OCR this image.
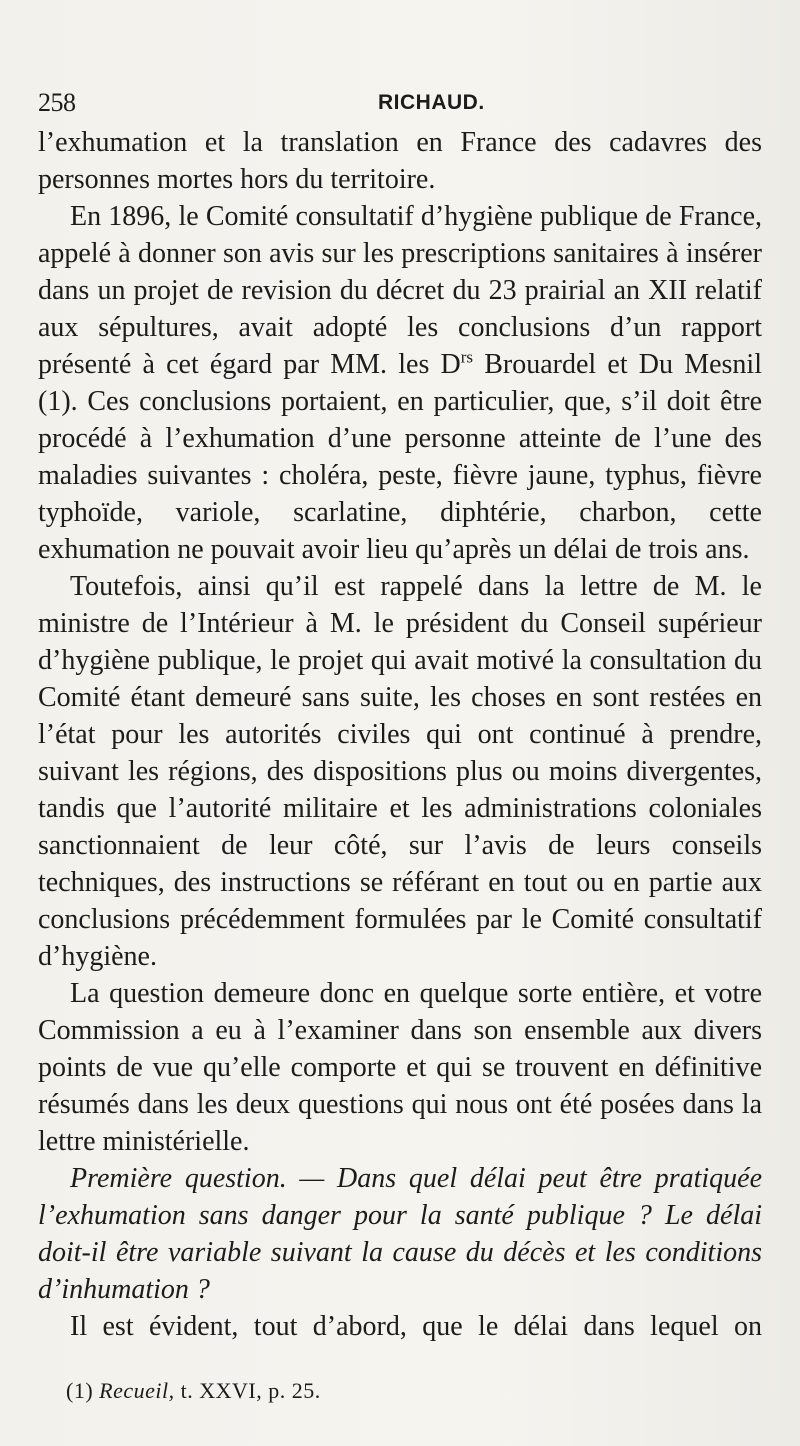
258	RICHAUD.

l’exhumation et la translation en France des cadavres des personnes mortes hors du territoire.

En 1896, le Comité consultatif d’hygiène publique de France, appelé à donner son avis sur les prescriptions sanitaires à insérer dans un projet de revision du décret du 23 prairial an XII relatif aux sépultures, avait adopté les conclusions d’un rapport présenté à cet égard par MM. les $D^{rs}$ Brouardel et Du Mesnil (1). Ces conclusions portaient, en particulier, que, s’il doit être procédé à l’exhumation d’une personne atteinte de l’une des maladies suivantes : choléra, peste, fièvre jaune, typhus, fièvre typhoïde, variole, scarlatine, diphtérie, charbon, cette exhumation ne pouvait avoir lieu qu’après un délai de trois ans.

Toutefois, ainsi qu’il est rappelé dans la lettre de M. le ministre de l’Intérieur à M. le président du Conseil supérieur d’hygiène publique, le projet qui avait motivé la consultation du Comité étant demeuré sans suite, les choses en sont restées en l’état pour les autorités civiles qui ont continué à prendre, suivant les régions, des dispositions plus ou moins divergentes, tandis que l’autorité militaire et les administrations coloniales sanctionnaient de leur côté, sur l’avis de leurs conseils techniques, des instructions se référant en tout ou en partie aux conclusions précédemment formulées par le Comité consultatif d’hygiène.

La question demeure donc en quelque sorte entière, et votre Commission a eu à l’examiner dans son ensemble aux divers points de vue qu’elle comporte et qui se trouvent en définitive résumés dans les deux questions qui nous ont été posées dans la lettre ministérielle.

Première question. — Dans quel délai peut être pratiquée l’exhumation sans danger pour la santé publique ? Le délai doit-il être variable suivant la cause du décès et les conditions d’inhumation ?

Il est évident, tout d’abord, que le délai dans lequel on

(1) Recueil, t. XXVI, p. 25.
